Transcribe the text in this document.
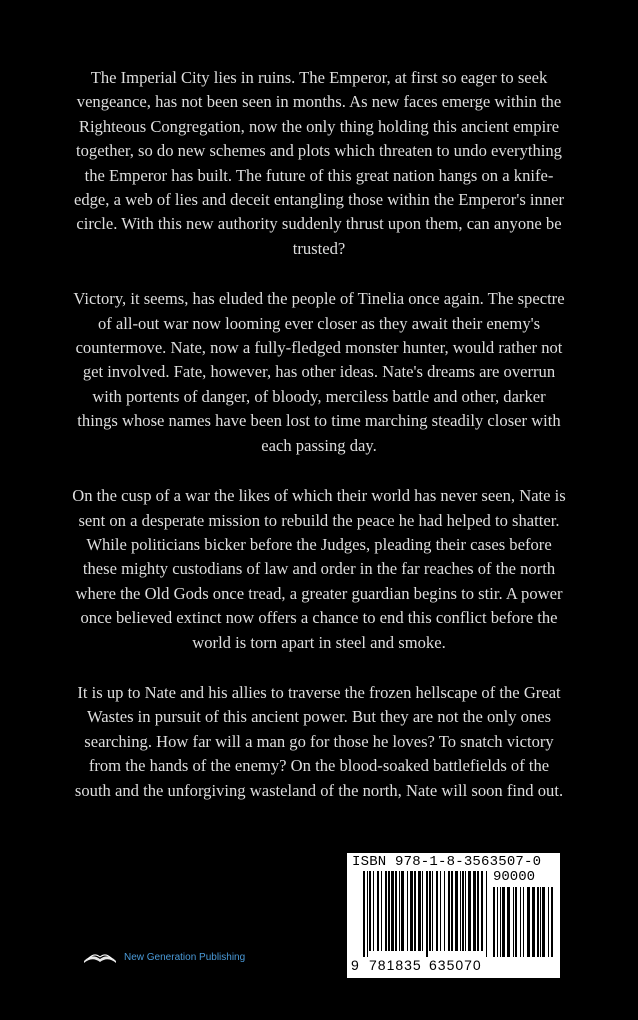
The Imperial City lies in ruins. The Emperor, at first so eager to seek vengeance, has not been seen in months. As new faces emerge within the Righteous Congregation, now the only thing holding this ancient empire together, so do new schemes and plots which threaten to undo everything the Emperor has built. The future of this great nation hangs on a knife-edge, a web of lies and deceit entangling those within the Emperor's inner circle. With this new authority suddenly thrust upon them, can anyone be trusted?

Victory, it seems, has eluded the people of Tinelia once again. The spectre of all-out war now looming ever closer as they await their enemy's countermove. Nate, now a fully-fledged monster hunter, would rather not get involved. Fate, however, has other ideas. Nate's dreams are overrun with portents of danger, of bloody, merciless battle and other, darker things whose names have been lost to time marching steadily closer with each passing day.

On the cusp of a war the likes of which their world has never seen, Nate is sent on a desperate mission to rebuild the peace he had helped to shatter. While politicians bicker before the Judges, pleading their cases before these mighty custodians of law and order in the far reaches of the north where the Old Gods once tread, a greater guardian begins to stir. A power once believed extinct now offers a chance to end this conflict before the world is torn apart in steel and smoke.

It is up to Nate and his allies to traverse the frozen hellscape of the Great Wastes in pursuit of this ancient power. But they are not the only ones searching. How far will a man go for those he loves? To snatch victory from the hands of the enemy? On the blood-soaked battlefields of the south and the unforgiving wasteland of the north, Nate will soon find out.

New Generation Publishing
ISBN 978-1-8-3563507-0
90000
9 781835 635070
